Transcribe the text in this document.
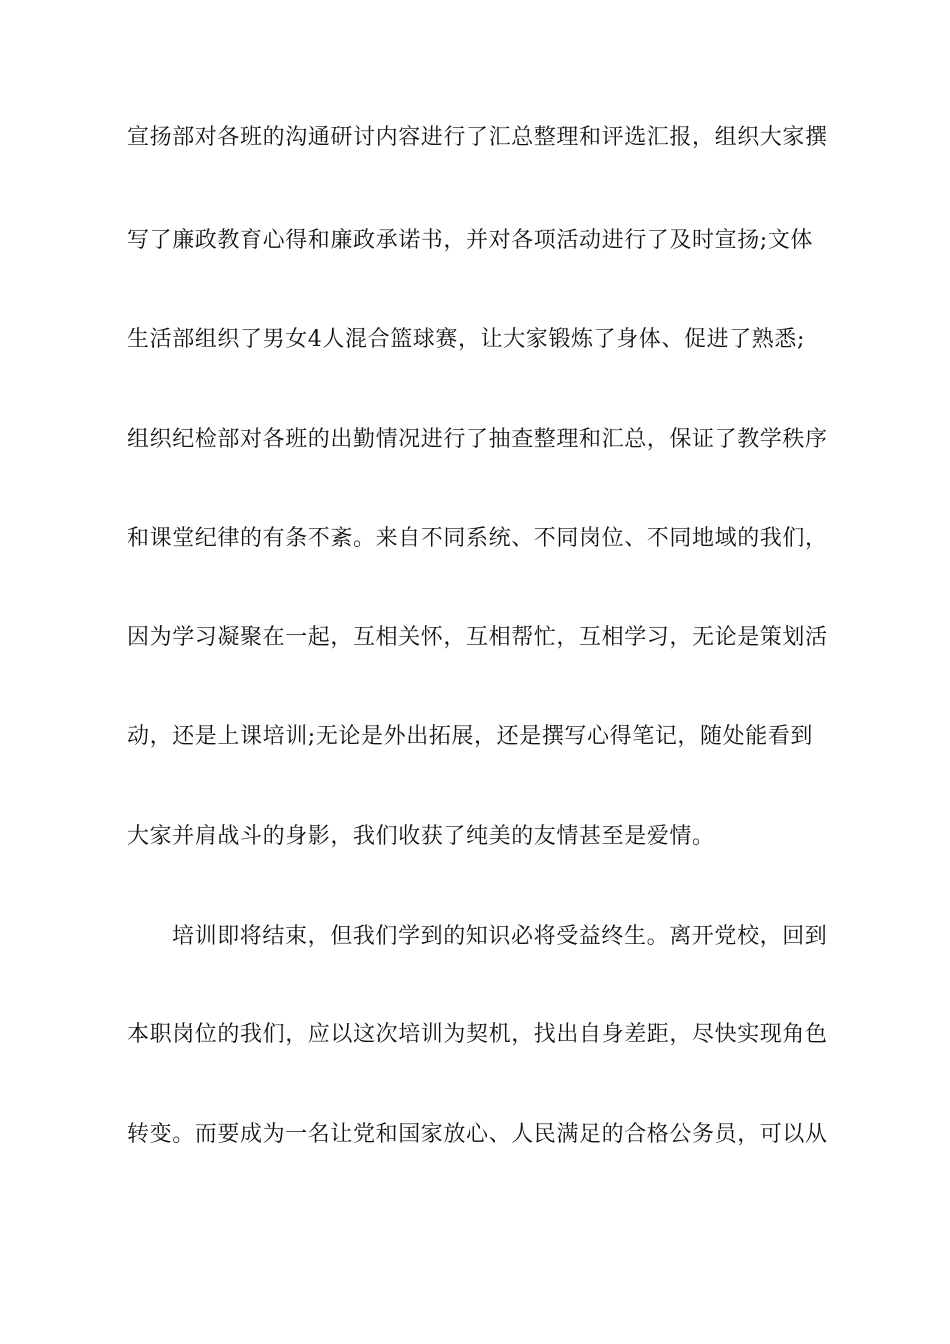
宣扬部对各班的沟通研讨内容进行了汇总整理和评选汇报，组织大家撰
写了廉政教育心得和廉政承诺书，并对各项活动进行了及时宣扬;文体
生活部组织了男女4人混合篮球赛，让大家锻炼了身体、促进了熟悉;
组织纪检部对各班的出勤情况进行了抽查整理和汇总，保证了教学秩序
和课堂纪律的有条不紊。来自不同系统、不同岗位、不同地域的我们，
因为学习凝聚在一起，互相关怀，互相帮忙，互相学习，无论是策划活
动，还是上课培训;无论是外出拓展，还是撰写心得笔记，随处能看到
大家并肩战斗的身影，我们收获了纯美的友情甚至是爱情。
培训即将结束，但我们学到的知识必将受益终生。离开党校，回到
本职岗位的我们，应以这次培训为契机，找出自身差距，尽快实现角色
转变。而要成为一名让党和国家放心、人民满足的合格公务员，可以从
